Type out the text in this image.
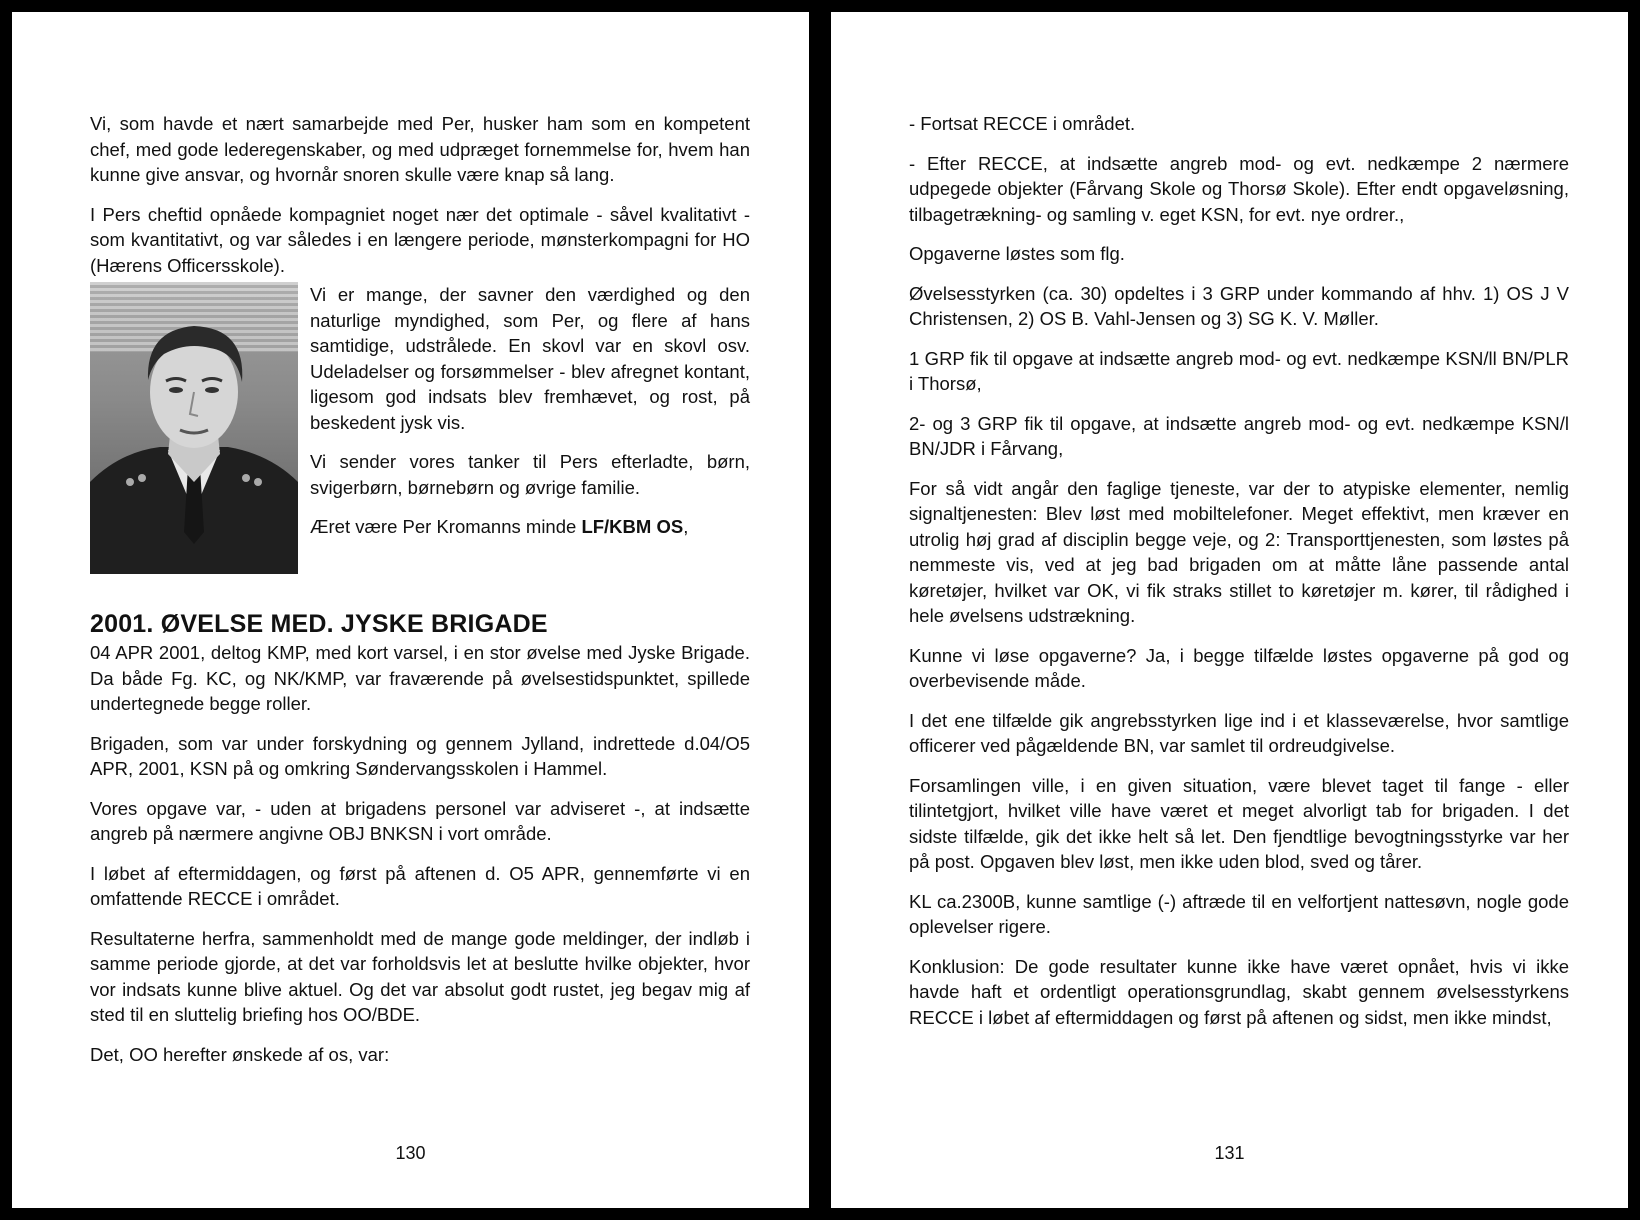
Vi, som havde et nært samarbejde med Per, husker ham som en kompetent chef, med gode lederegenskaber, og med udpræget fornemmelse for, hvem han kunne give ansvar, og hvornår snoren skulle være knap så lang.

I Pers cheftid opnåede kompagniet noget nær det optimale - såvel kvalitativt -som kvantitativt, og var således i en længere periode, mønsterkompagni for HO (Hærens Officersskole).

Vi er mange, der savner den værdighed og den naturlige myndighed, som Per, og flere af hans samtidige, udstrålede. En skovl var en skovl osv. Udeladelser og forsømmelser - blev afregnet kontant, ligesom god indsats blev fremhævet, og rost, på beskedent jysk vis.

Vi sender vores tanker til Pers efterladte, børn, svigerbørn, børnebørn og øvrige familie.

Æret være Per Kromanns minde LF/KBM OS,

2001. ØVELSE MED. JYSKE BRIGADE

04 APR 2001, deltog KMP, med kort varsel, i en stor øvelse med Jyske Brigade. Da både Fg. KC, og NK/KMP, var fraværende på øvelsestidspunktet, spillede undertegnede begge roller.

Brigaden, som var under forskydning og gennem Jylland, indrettede d.04/O5 APR, 2001, KSN på og omkring Søndervangsskolen i Hammel.

Vores opgave var, - uden at brigadens personel var adviseret -, at indsætte angreb på nærmere angivne OBJ BNKSN i vort område.

I løbet af eftermiddagen, og først på aftenen d. O5 APR, gennemførte vi en omfattende RECCE i området.

Resultaterne herfra, sammenholdt med de mange gode meldinger, der indløb i samme periode gjorde, at det var forholdsvis let at beslutte hvilke objekter, hvor vor indsats kunne blive aktuel. Og det var absolut godt rustet, jeg begav mig af sted til en sluttelig briefing hos OO/BDE.

Det, OO herefter ønskede af os, var:

130

- Fortsat RECCE i området.

- Efter RECCE, at indsætte angreb mod- og evt. nedkæmpe 2 nærmere udpegede objekter (Fårvang Skole og Thorsø Skole). Efter endt opgaveløsning, tilbagetrækning- og samling v. eget KSN, for evt. nye ordrer.,

Opgaverne løstes som flg.

Øvelsesstyrken (ca. 30) opdeltes i 3 GRP under kommando af hhv. 1) OS J V Christensen, 2) OS B. Vahl-Jensen og 3) SG K. V. Møller.

1 GRP fik til opgave at indsætte angreb mod- og evt. nedkæmpe KSN/ll BN/PLR i Thorsø,

2- og 3 GRP fik til opgave, at indsætte angreb mod- og evt. nedkæmpe KSN/l BN/JDR i Fårvang,

For så vidt angår den faglige tjeneste, var der to atypiske elementer, nemlig signaltjenesten: Blev løst med mobiltelefoner. Meget effektivt, men kræver en utrolig høj grad af disciplin begge veje, og 2: Transporttjenesten, som løstes på nemmeste vis, ved at jeg bad brigaden om at måtte låne passende antal køretøjer, hvilket var OK, vi fik straks stillet to køretøjer m. kører, til rådighed i hele øvelsens udstrækning.

Kunne vi løse opgaverne? Ja, i begge tilfælde løstes opgaverne på god og overbevisende måde.

I det ene tilfælde gik angrebsstyrken lige ind i et klasseværelse, hvor samtlige officerer ved pågældende BN, var samlet til ordreudgivelse.

Forsamlingen ville, i en given situation, være blevet taget til fange - eller tilintetgjort, hvilket ville have været et meget alvorligt tab for brigaden. I det sidste tilfælde, gik det ikke helt så let. Den fjendtlige bevogtningsstyrke var her på post. Opgaven blev løst, men ikke uden blod, sved og tårer.

KL ca.2300B, kunne samtlige (-) aftræde til en velfortjent nattesøvn, nogle gode oplevelser rigere.

Konklusion: De gode resultater kunne ikke have været opnået, hvis vi ikke havde haft et ordentligt operationsgrundlag, skabt gennem øvelsesstyrkens RECCE i løbet af eftermiddagen og først på aftenen og sidst, men ikke mindst,

131
